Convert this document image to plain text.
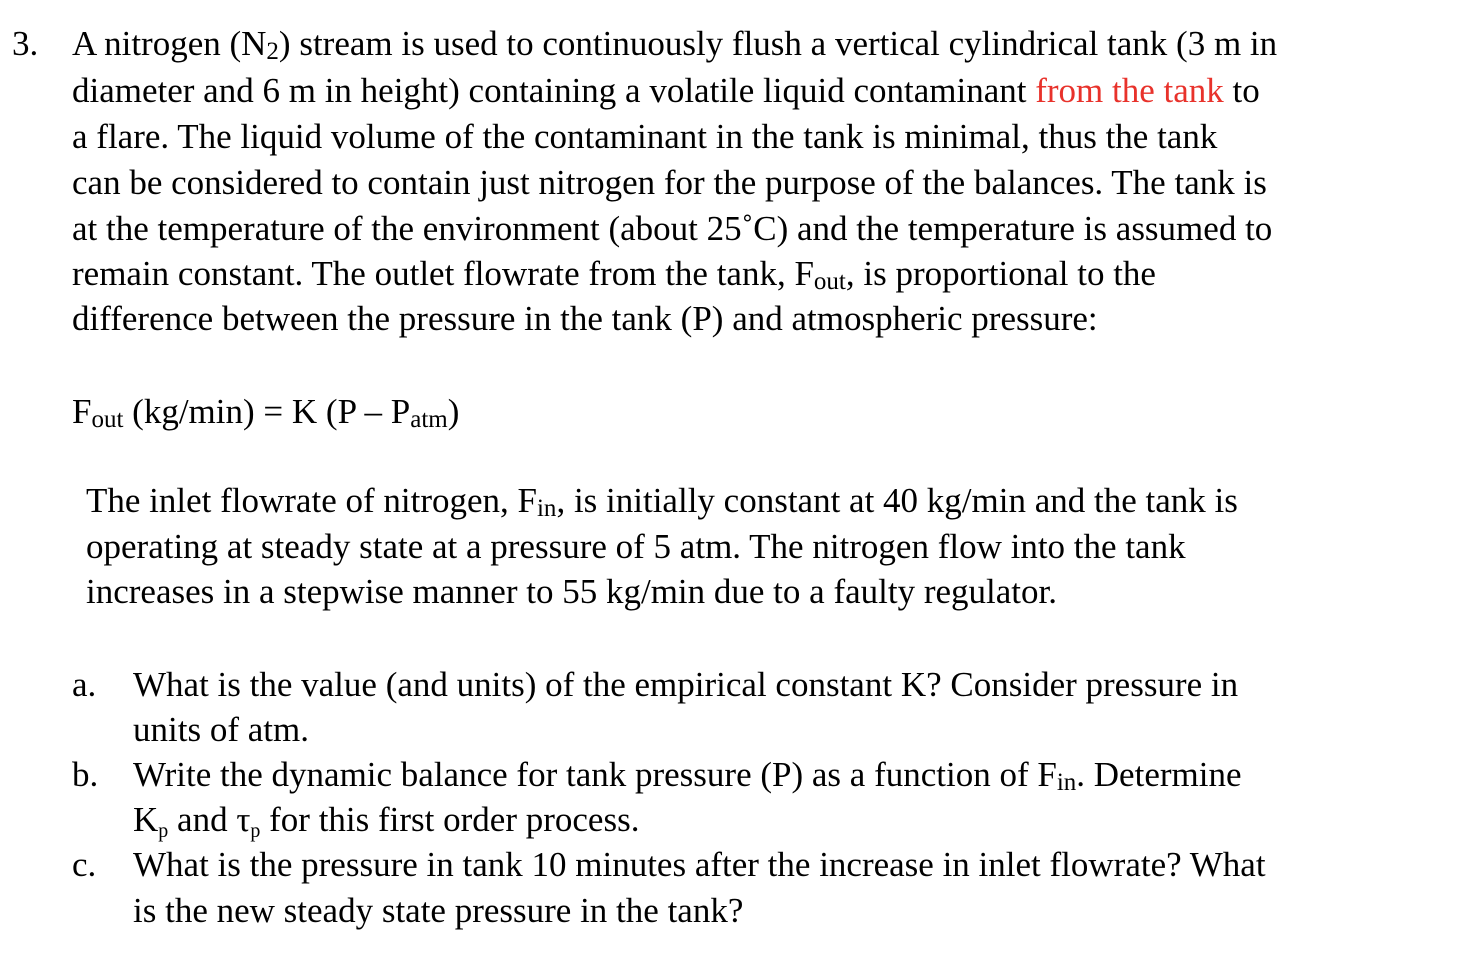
3. A nitrogen (N2) stream is used to continuously flush a vertical cylindrical tank (3 m in
diameter and 6 m in height) containing a volatile liquid contaminant from the tank to
a flare. The liquid volume of the contaminant in the tank is minimal, thus the tank
can be considered to contain just nitrogen for the purpose of the balances. The tank is
at the temperature of the environment (about 25˚C) and the temperature is assumed to
remain constant. The outlet flowrate from the tank, Fout, is proportional to the
difference between the pressure in the tank (P) and atmospheric pressure:
Fout (kg/min) = K (P – Patm)
The inlet flowrate of nitrogen, Fin, is initially constant at 40 kg/min and the tank is
operating at steady state at a pressure of 5 atm. The nitrogen flow into the tank
increases in a stepwise manner to 55 kg/min due to a faulty regulator.
a. What is the value (and units) of the empirical constant K? Consider pressure in
units of atm.
b. Write the dynamic balance for tank pressure (P) as a function of Fin. Determine
Kp and τp for this first order process.
c. What is the pressure in tank 10 minutes after the increase in inlet flowrate? What
is the new steady state pressure in the tank?
